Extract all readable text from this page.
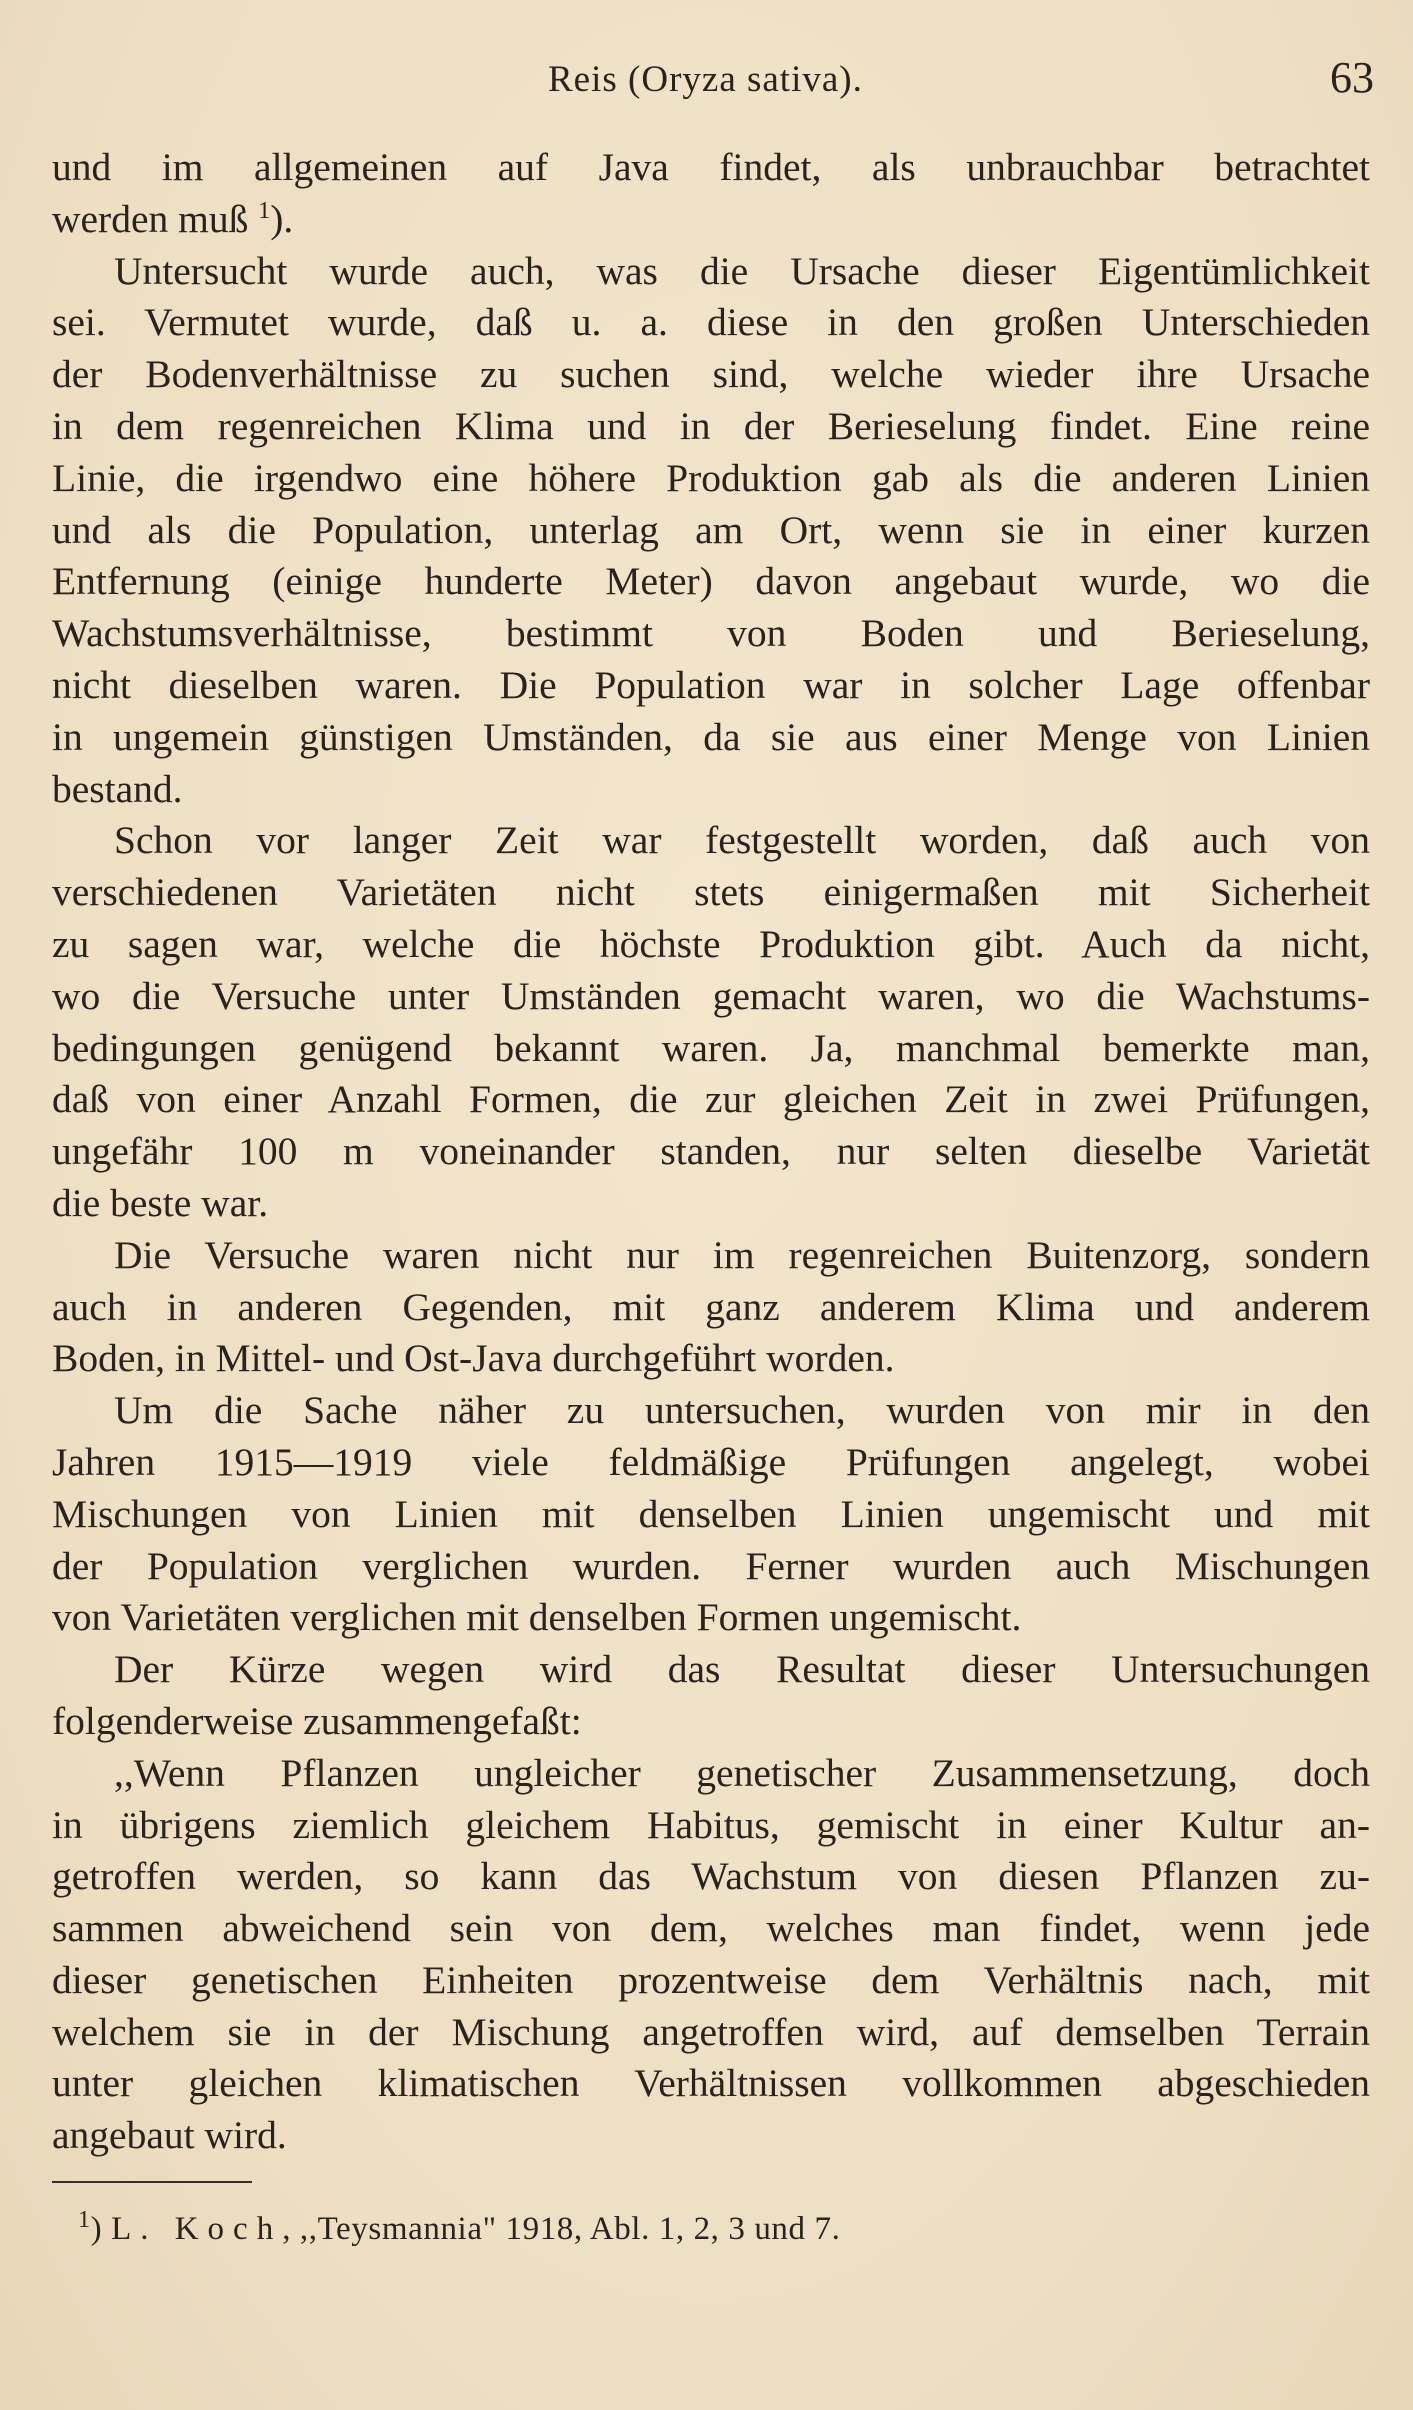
Reis (Oryza sativa).	63
und im allgemeinen auf Java findet, als unbrauchbar betrachtet
werden muß $^1$).
Untersucht wurde auch, was die Ursache dieser Eigentümlichkeit
sei. Vermutet wurde, daß u. a. diese in den großen Unterschieden
der Bodenverhältnisse zu suchen sind, welche wieder ihre Ursache
in dem regenreichen Klima und in der Berieselung findet. Eine reine
Linie, die irgendwo eine höhere Produktion gab als die anderen Linien
und als die Population, unterlag am Ort, wenn sie in einer kurzen
Entfernung (einige hunderte Meter) davon angebaut wurde, wo die
Wachstumsverhältnisse, bestimmt von Boden und Berieselung,
nicht dieselben waren. Die Population war in solcher Lage offenbar
in ungemein günstigen Umständen, da sie aus einer Menge von Linien
bestand.
Schon vor langer Zeit war festgestellt worden, daß auch von
verschiedenen Varietäten nicht stets einigermaßen mit Sicherheit
zu sagen war, welche die höchste Produktion gibt. Auch da nicht,
wo die Versuche unter Umständen gemacht waren, wo die Wachstums-
bedingungen genügend bekannt waren. Ja, manchmal bemerkte man,
daß von einer Anzahl Formen, die zur gleichen Zeit in zwei Prüfungen,
ungefähr 100 m voneinander standen, nur selten dieselbe Varietät
die beste war.
Die Versuche waren nicht nur im regenreichen Buitenzorg, sondern
auch in anderen Gegenden, mit ganz anderem Klima und anderem
Boden, in Mittel- und Ost-Java durchgeführt worden.
Um die Sache näher zu untersuchen, wurden von mir in den
Jahren 1915—1919 viele feldmäßige Prüfungen angelegt, wobei
Mischungen von Linien mit denselben Linien ungemischt und mit
der Population verglichen wurden. Ferner wurden auch Mischungen
von Varietäten verglichen mit denselben Formen ungemischt.
Der Kürze wegen wird das Resultat dieser Untersuchungen
folgenderweise zusammengefaßt:
,,Wenn Pflanzen ungleicher genetischer Zusammensetzung, doch
in übrigens ziemlich gleichem Habitus, gemischt in einer Kultur an-
getroffen werden, so kann das Wachstum von diesen Pflanzen zu-
sammen abweichend sein von dem, welches man findet, wenn jede
dieser genetischen Einheiten prozentweise dem Verhältnis nach, mit
welchem sie in der Mischung angetroffen wird, auf demselben Terrain
unter gleichen klimatischen Verhältnissen vollkommen abgeschieden
angebaut wird.
$^1$) L. Koch, ,,Teysmannia" 1918, Abl. 1, 2, 3 und 7.
